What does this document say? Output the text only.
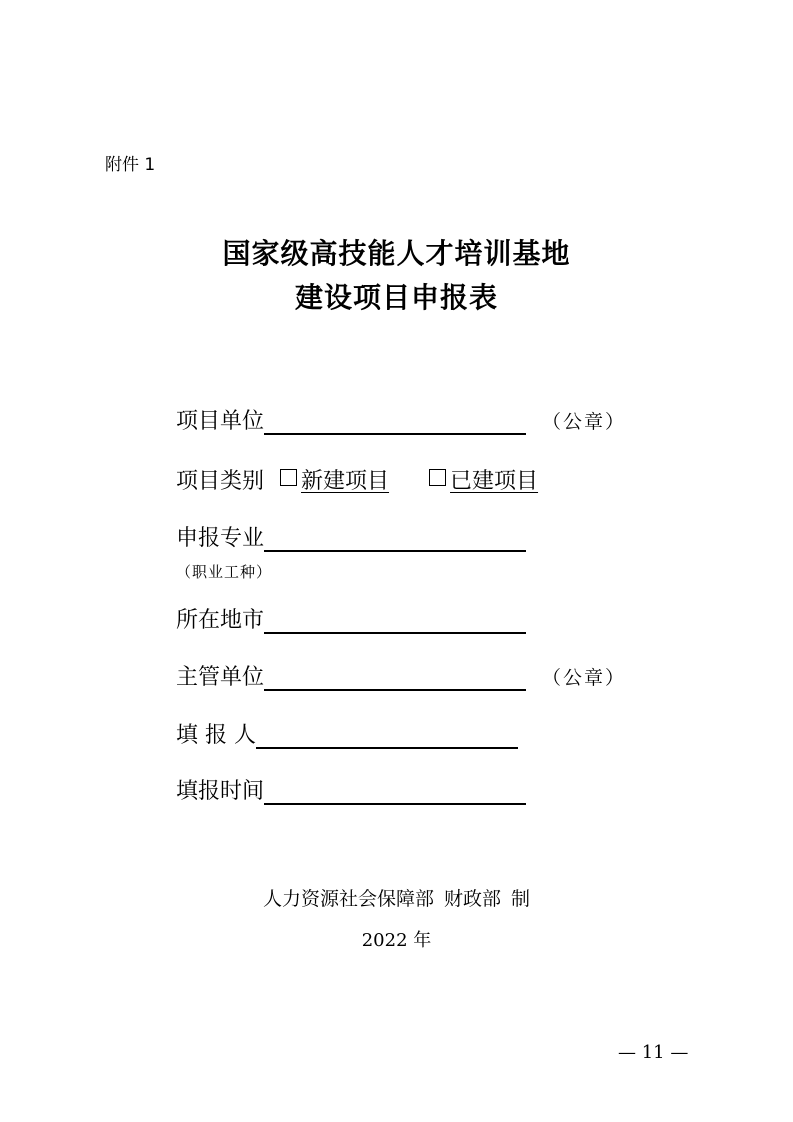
附件 1
国家级高技能人才培训基地
建设项目申报表
项目单位	（公章）
项目类别 新建项目	已建项目
申报专业
（职业工种）
所在地市
主管单位	（公章）
填 报 人
填报时间
人力资源社会保障部 财政部 制
2022 年
— 11 —
